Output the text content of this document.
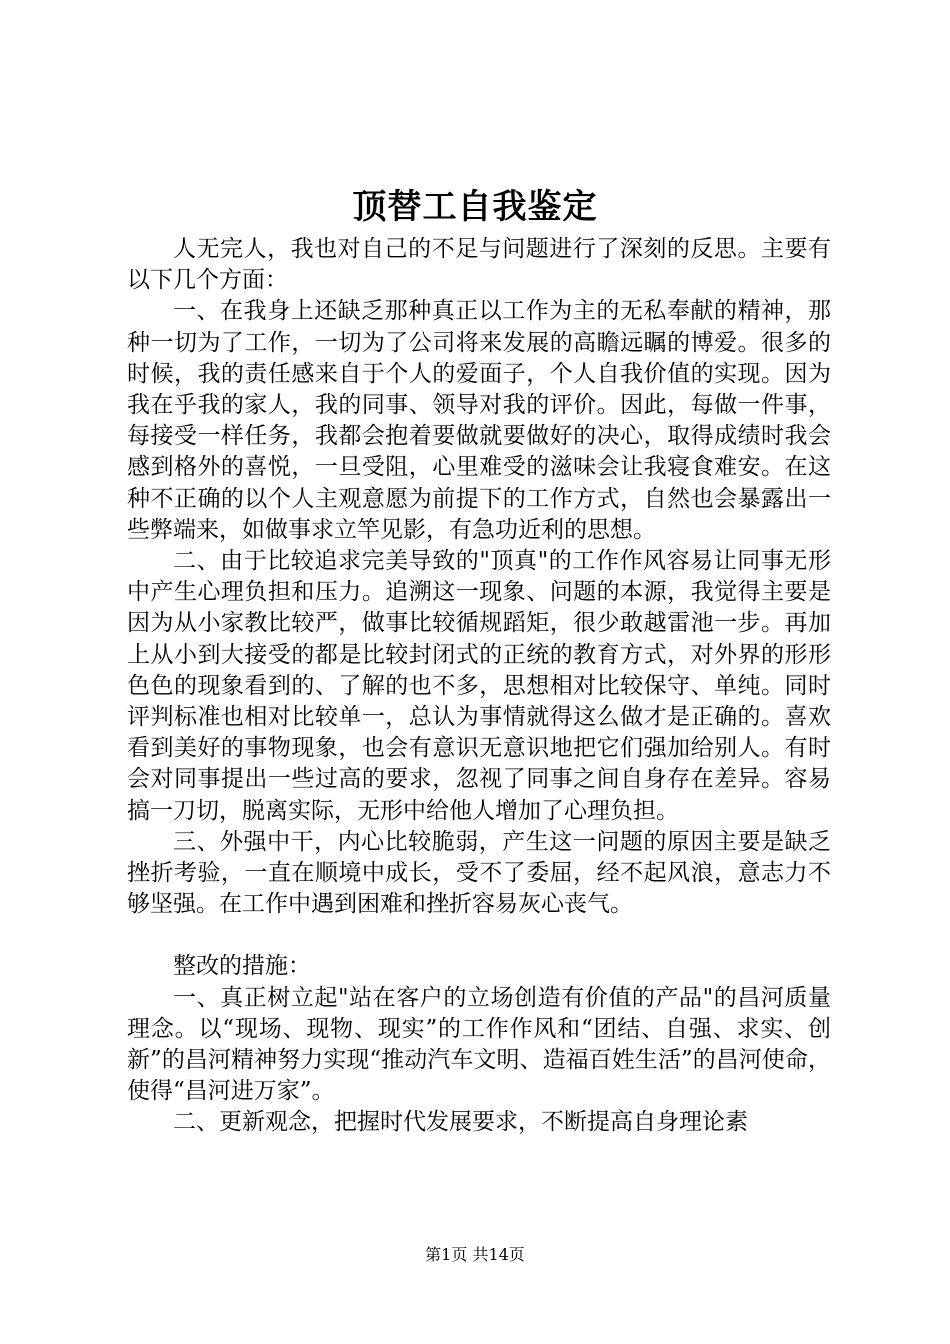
顶替工自我鉴定

人无完人，我也对自己的不足与问题进行了深刻的反思。主要有以下几个方面：

一、在我身上还缺乏那种真正以工作为主的无私奉献的精神，那种一切为了工作，一切为了公司将来发展的高瞻远瞩的博爱。很多的时候，我的责任感来自于个人的爱面子，个人自我价值的实现。因为我在乎我的家人，我的同事、领导对我的评价。因此，每做一件事，每接受一样任务，我都会抱着要做就要做好的决心，取得成绩时我会感到格外的喜悦，一旦受阻，心里难受的滋味会让我寝食难安。在这种不正确的以个人主观意愿为前提下的工作方式，自然也会暴露出一些弊端来，如做事求立竿见影，有急功近利的思想。

二、由于比较追求完美导致的"顶真"的工作作风容易让同事无形中产生心理负担和压力。追溯这一现象、问题的本源，我觉得主要是因为从小家教比较严，做事比较循规蹈矩，很少敢越雷池一步。再加上从小到大接受的都是比较封闭式的正统的教育方式，对外界的形形色色的现象看到的、了解的也不多，思想相对比较保守、单纯。同时评判标准也相对比较单一，总认为事情就得这么做才是正确的。喜欢看到美好的事物现象，也会有意识无意识地把它们强加给别人。有时会对同事提出一些过高的要求，忽视了同事之间自身存在差异。容易搞一刀切，脱离实际，无形中给他人增加了心理负担。

三、外强中干，内心比较脆弱，产生这一问题的原因主要是缺乏挫折考验，一直在顺境中成长，受不了委屈，经不起风浪，意志力不够坚强。在工作中遇到困难和挫折容易灰心丧气。

整改的措施：

一、真正树立起"站在客户的立场创造有价值的产品"的昌河质量理念。以“现场、现物、现实”的工作作风和“团结、自强、求实、创新”的昌河精神努力实现“推动汽车文明、造福百姓生活”的昌河使命，使得“昌河进万家”。

二、更新观念，把握时代发展要求，不断提高自身理论素

第1页 共14页
